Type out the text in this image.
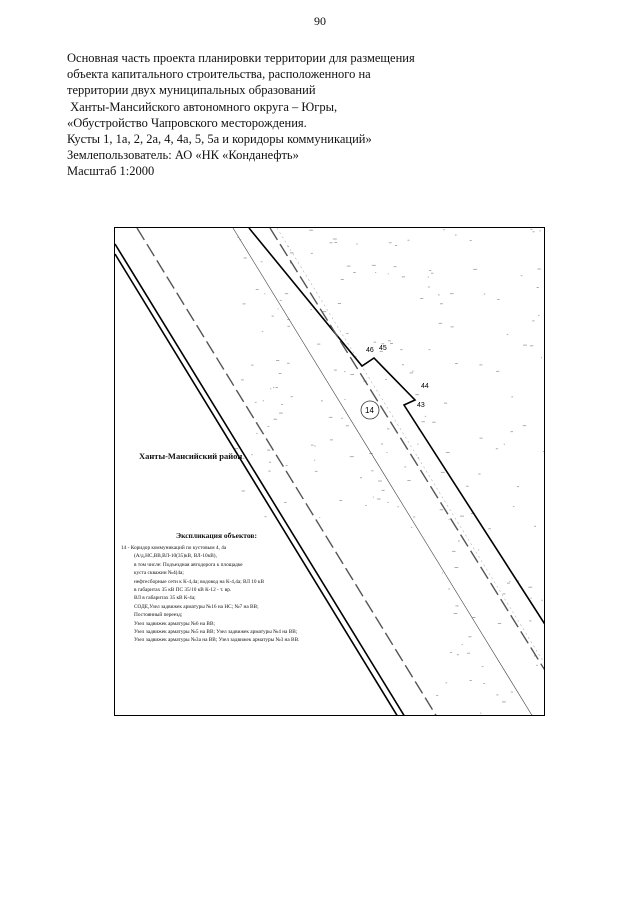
90
Основная часть проекта планировки территории для размещения
объекта капитального строительства, расположенного на
территории двух муниципальных образований
Ханты-Мансийского автономного округа – Югры,
«Обустройство Чапровского месторождения.
Кусты 1, 1а, 2, 2а, 4, 4а, 5, 5а и коридоры коммуникаций»
Землепользователь: АО «НК «Конданефть»
Масштаб 1:2000
46 45
44
43
14
Ханты-Мансийский район
Экспликация объектов:
14 - Коридор коммуникаций по кустовым 4, 4а
(А/д,НС,ВВ,ВЛ-10(35)кВ, ВЛ-10кВ),
в том числе: Подъездная автодорога к площадке
куста скважин №4(4а;
нефтесборные сети к К-4,4а; водовод на К-4,4а; ВЛ 10 кВ
в габаритах 35 кВ ПС 35/10 кВ К-12 - т. вр.
ВЛ в габаритах 35 кВ К-4а;
СОДЕ,Узел задвижек арматуры №16 на НС; №7 на ВВ;
Постоянный переезд;
Узел задвижек арматуры №6 на ВВ;
Узел задвижек арматуры №5 на ВВ; Узел задвижек арматуры №4 на ВВ;
Узел задвижек арматуры №3а на ВВ; Узел задвижек арматуры №3 на ВВ.
